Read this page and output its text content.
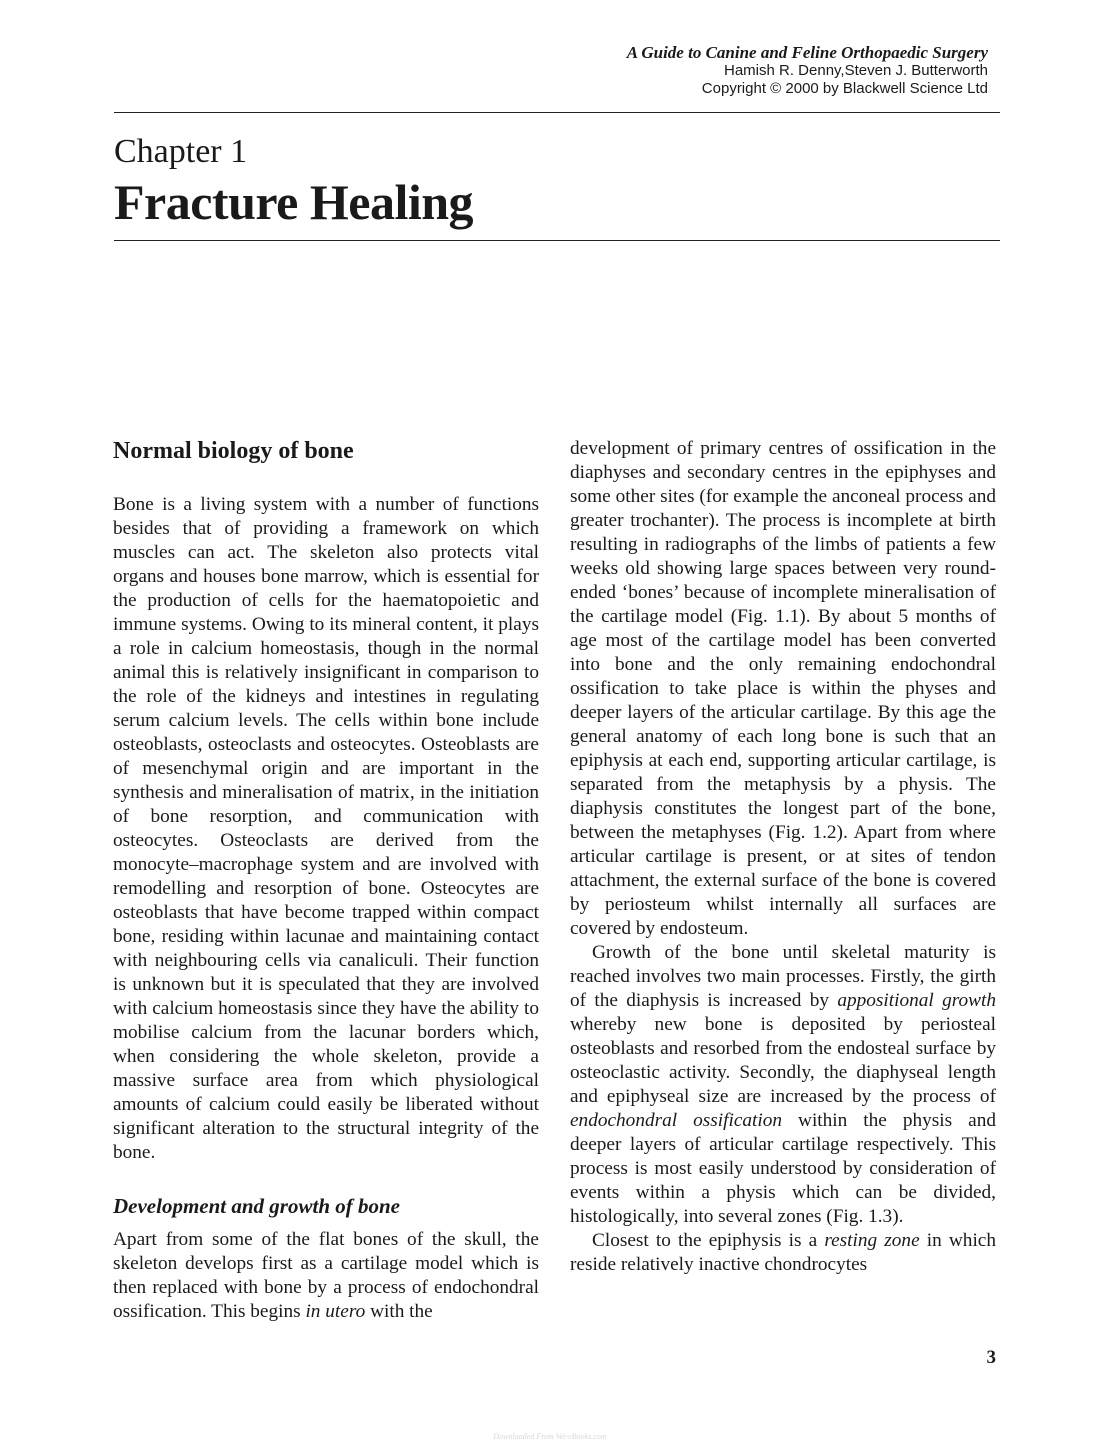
A Guide to Canine and Feline Orthopaedic Surgery
Hamish R. Denny,Steven J. Butterworth
Copyright © 2000 by Blackwell Science Ltd
Chapter 1
Fracture Healing
Normal biology of bone

Bone is a living system with a number of functions besides that of providing a framework on which muscles can act. The skeleton also protects vital organs and houses bone marrow, which is essential for the production of cells for the haematopoietic and immune systems. Owing to its mineral content, it plays a role in calcium homeostasis, though in the normal animal this is relatively insignificant in comparison to the role of the kidneys and intestines in regulating serum calcium levels. The cells within bone include osteoblasts, osteoclasts and osteocytes. Osteoblasts are of mesenchymal origin and are important in the synthesis and mineralisation of matrix, in the initiation of bone resorption, and communication with osteocytes. Osteoclasts are derived from the monocyte–macrophage system and are involved with remodelling and resorption of bone. Osteocytes are osteoblasts that have become trapped within compact bone, residing within lacunae and maintaining contact with neighbouring cells via canaliculi. Their function is unknown but it is speculated that they are involved with calcium homeostasis since they have the ability to mobilise calcium from the lacunar borders which, when considering the whole skeleton, provide a massive surface area from which physiological amounts of calcium could easily be liberated without significant alteration to the structural integrity of the bone.

Development and growth of bone

Apart from some of the flat bones of the skull, the skeleton develops first as a cartilage model which is then replaced with bone by a process of endochondral ossification. This begins in utero with the

development of primary centres of ossification in the diaphyses and secondary centres in the epiphyses and some other sites (for example the anconeal process and greater trochanter). The process is incomplete at birth resulting in radiographs of the limbs of patients a few weeks old showing large spaces between very round-ended ‘bones’ because of incomplete mineralisation of the cartilage model (Fig. 1.1). By about 5 months of age most of the cartilage model has been converted into bone and the only remaining endochondral ossification to take place is within the physes and deeper layers of the articular cartilage. By this age the general anatomy of each long bone is such that an epiphysis at each end, supporting articular cartilage, is separated from the metaphysis by a physis. The diaphysis constitutes the longest part of the bone, between the metaphyses (Fig. 1.2). Apart from where articular cartilage is present, or at sites of tendon attachment, the external surface of the bone is covered by periosteum whilst internally all surfaces are covered by endosteum.

Growth of the bone until skeletal maturity is reached involves two main processes. Firstly, the girth of the diaphysis is increased by appositional growth whereby new bone is deposited by periosteal osteoblasts and resorbed from the endosteal surface by osteoclastic activity. Secondly, the diaphyseal length and epiphyseal size are increased by the process of endochondral ossification within the physis and deeper layers of articular cartilage respectively. This process is most easily understood by consideration of events within a physis which can be divided, histologically, into several zones (Fig. 1.3).

Closest to the epiphysis is a resting zone in which reside relatively inactive chondrocytes

3
Downloaded From Vet-eBooks.com
